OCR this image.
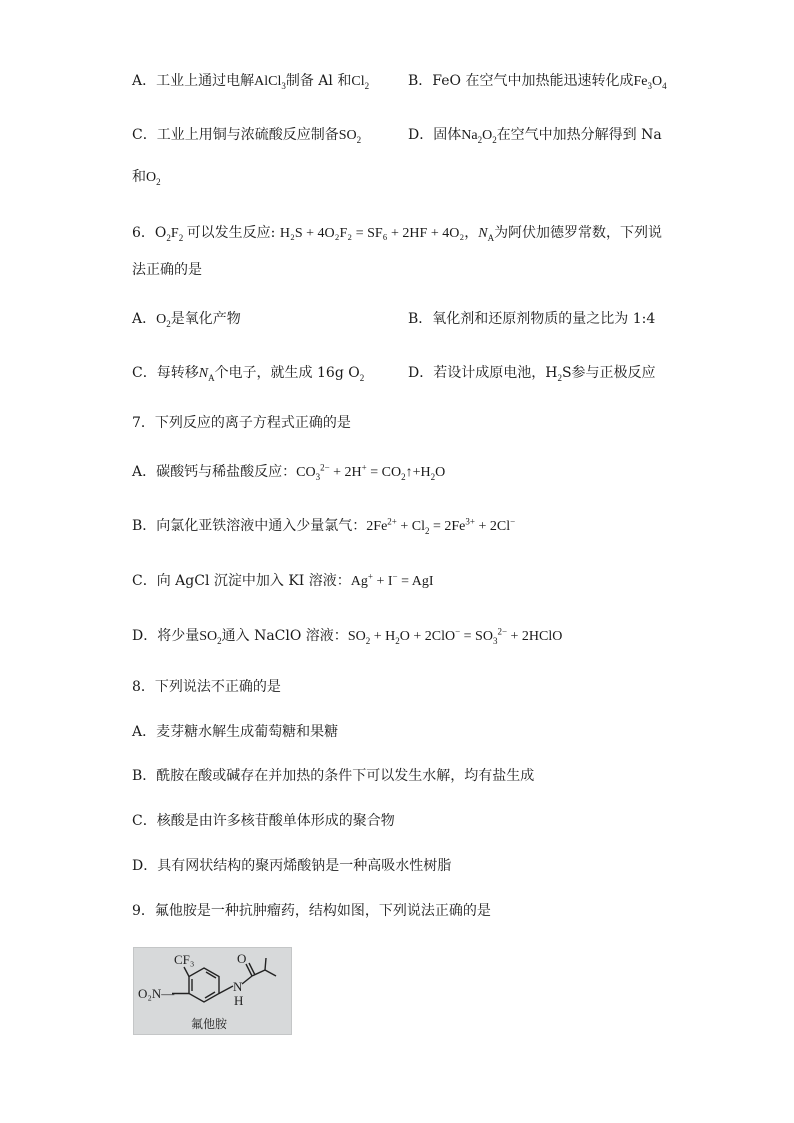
A．工业上通过电解AlCl$_3$制备 Al 和$Cl_2$	B．FeO 在空气中加热能迅速转化成$Fe_3O_4$
C．工业上用铜与浓硫酸反应制备$SO_2$	D．固体$Na_2O_2$在空气中加热分解得到 Na
和$O_2$
6．$O_2F_2$ 可以发生反应: H₂S + 4O₂F₂ = SF₆ + 2HF + 4O₂，$N_A$为阿伏加德罗常数，下列说
法正确的是
A．$O_2$是氧化产物	B．氧化剂和还原剂物质的量之比为 1:4
C．每转移$N_A$个电子，就生成 16g $O_2$	D．若设计成原电池，$H_2S$参与正极反应
7．下列反应的离子方程式正确的是
A．碳酸钙与稀盐酸反应：$CO_3^{2-} + 2H^+$ = $CO_2↑+H_2O$
B．向氯化亚铁溶液中通入少量氯气：$2Fe^{2+} + Cl_2 = 2Fe^{3+} + 2Cl^-$
C．向 AgCl 沉淀中加入 KI 溶液：Ag+ + I− = AgI
D．将少量$SO_2$通入 NaClO 溶液：$SO_2 + H_2O + 2ClO^- = SO_3^{2-}$ + 2HClO
8．下列说法不正确的是
A．麦芽糖水解生成葡萄糖和果糖
B．酰胺在酸或碱存在并加热的条件下可以发生水解，均有盐生成
C．核酸是由许多核苷酸单体形成的聚合物
D．具有网状结构的聚丙烯酸钠是一种高吸水性树脂
9．氟他胺是一种抗肿瘤药，结构如图，下列说法正确的是
CF₃	O
N
H
O₂N—
氟他胺
